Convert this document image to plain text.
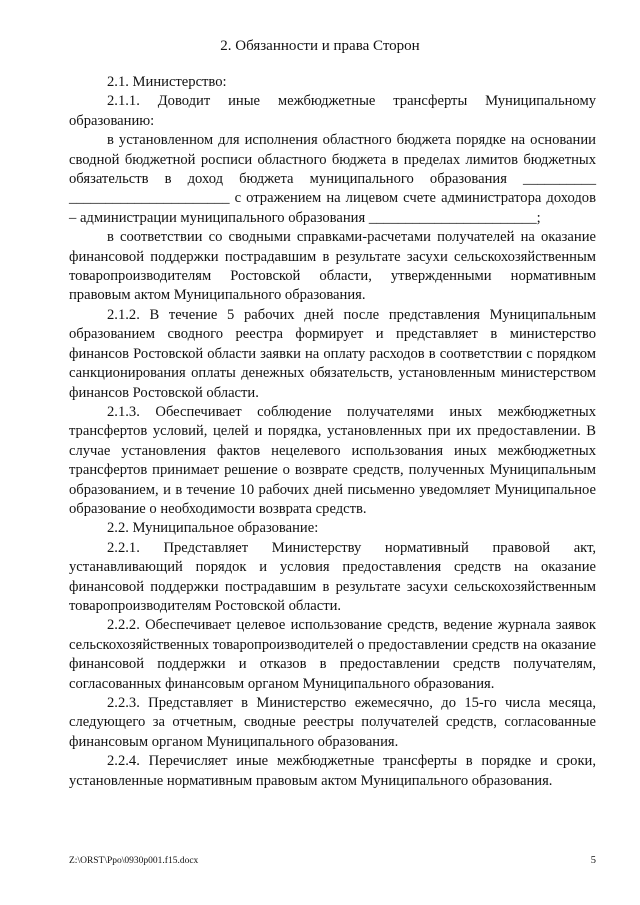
2. Обязанности и права Сторон

2.1. Министерство:

2.1.1. Доводит иные межбюджетные трансферты Муниципальному образованию:

в установленном для исполнения областного бюджета порядке на основании сводной бюджетной росписи областного бюджета в пределах лимитов бюджетных обязательств в доход бюджета муниципального образования __________ ______________________ с отражением на лицевом счете администратора доходов – администрации муниципального образования _______________________;

в соответствии со сводными справками-расчетами получателей на оказание финансовой поддержки пострадавшим в результате засухи сельскохозяйственным товаропроизводителям Ростовской области, утвержденными нормативным правовым актом Муниципального образования.

2.1.2. В течение 5 рабочих дней после представления Муниципальным образованием сводного реестра формирует и представляет в министерство финансов Ростовской области заявки на оплату расходов в соответствии с порядком санкционирования оплаты денежных обязательств, установленным министерством финансов Ростовской области.

2.1.3. Обеспечивает соблюдение получателями иных межбюджетных трансфертов условий, целей и порядка, установленных при их предоставлении. В случае установления фактов нецелевого использования иных межбюджетных трансфертов принимает решение о возврате средств, полученных Муниципальным образованием, и в течение 10 рабочих дней письменно уведомляет Муниципальное образование о необходимости возврата средств.

2.2. Муниципальное образование:

2.2.1. Представляет Министерству нормативный правовой акт, устанавливающий порядок и условия предоставления средств на оказание финансовой поддержки пострадавшим в результате засухи сельскохозяйственным товаропроизводителям Ростовской области.

2.2.2. Обеспечивает целевое использование средств, ведение журнала заявок сельскохозяйственных товаропроизводителей о предоставлении средств на оказание финансовой поддержки и отказов в предоставлении средств получателям, согласованных финансовым органом Муниципального образования.

2.2.3. Представляет в Министерство ежемесячно, до 15-го числа месяца, следующего за отчетным, сводные реестры получателей средств, согласованные финансовым органом Муниципального образования.

2.2.4. Перечисляет иные межбюджетные трансферты в порядке и сроки, установленные нормативным правовым актом Муниципального образования.

Z:\ORST\Ppo\0930p001.f15.docx	5
